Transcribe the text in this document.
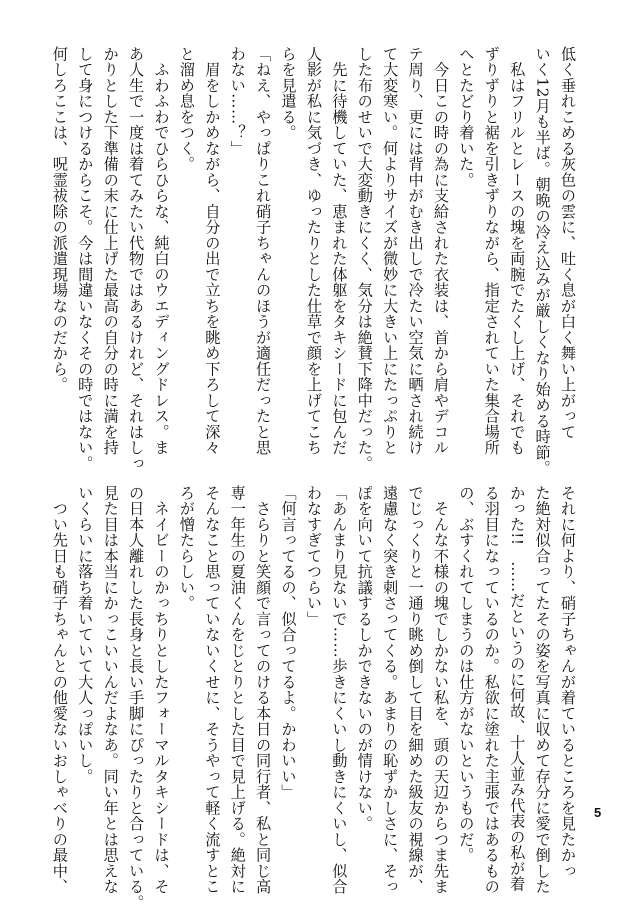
低く垂れこめる灰色の雲に、吐く息が白く舞い上がって
いく12月も半ば。朝晩の冷え込みが厳しくなり始める時節。
　私はフリルとレースの塊を両腕でたくし上げ、それでも
ずりずりと裾を引きずりながら、指定されていた集合場所
へとたどり着いた。
　今日この時の為に支給された衣装は、首から肩やデコル
テ周り、更には背中がむき出しで冷たい空気に晒され続け
て大変寒い。何よりサイズが微妙に大きい上にたっぷりと
した布のせいで大変動きにくく、気分は絶賛下降中だった。
　先に待機していた、恵まれた体躯をタキシードに包んだ
人影が私に気づき、ゆったりとした仕草で顔を上げてこち
らを見遣る。
「ねえ、やっぱりこれ硝子ちゃんのほうが適任だったと思
わない……？」
　眉をしかめながら、自分の出で立ちを眺め下ろして深々
と溜め息をつく。
　ふわふわでひらひらな、純白のウエディングドレス。ま
あ人生で一度は着てみたい代物ではあるけれど、それはしっ
かりとした下準備の末に仕上げた最高の自分の時に満を持
して身につけるからこそ。今は間違いなくその時ではない。
何しろここは、呪霊祓除の派遣現場なのだから。
それに何より、硝子ちゃんが着ているところを見たかっ
た絶対似合ってたその姿を写真に収めて存分に愛で倒した
かった!!　……だというのに何故、十人並み代表の私が着
る羽目になっているのか。私欲に塗れた主張ではあるもの
の、ぶすくれてしまうのは仕方がないというものだ。
　そんな不様の塊でしかない私を、頭の天辺からつま先ま
でじっくりと一通り眺め倒して目を細めた級友の視線が、
遠慮なく突き刺さってくる。あまりの恥ずかしさに、そっ
ぽを向いて抗議するしかできないのが情けない。
「あんまり見ないで……歩きにくいし動きにくいし、似合
わなすぎてつらい」
「何言ってるの、似合ってるよ。かわいい」
　さらりと笑顔で言ってのける本日の同行者、私と同じ高
専一年生の夏油くんをじとりとした目で見上げる。絶対に
そんなこと思っていないくせに、そうやって軽く流すとこ
ろが憎たらしい。
　ネイビーのかっちりとしたフォーマルタキシードは、そ
の日本人離れした長身と長い手脚にぴったりと合っている。
見た目は本当にかっこいいんだよなあ。同い年とは思えな
いくらいに落ち着いていて大人っぽいし。
　つい先日も硝子ちゃんとの他愛ないおしゃべりの最中、	5
